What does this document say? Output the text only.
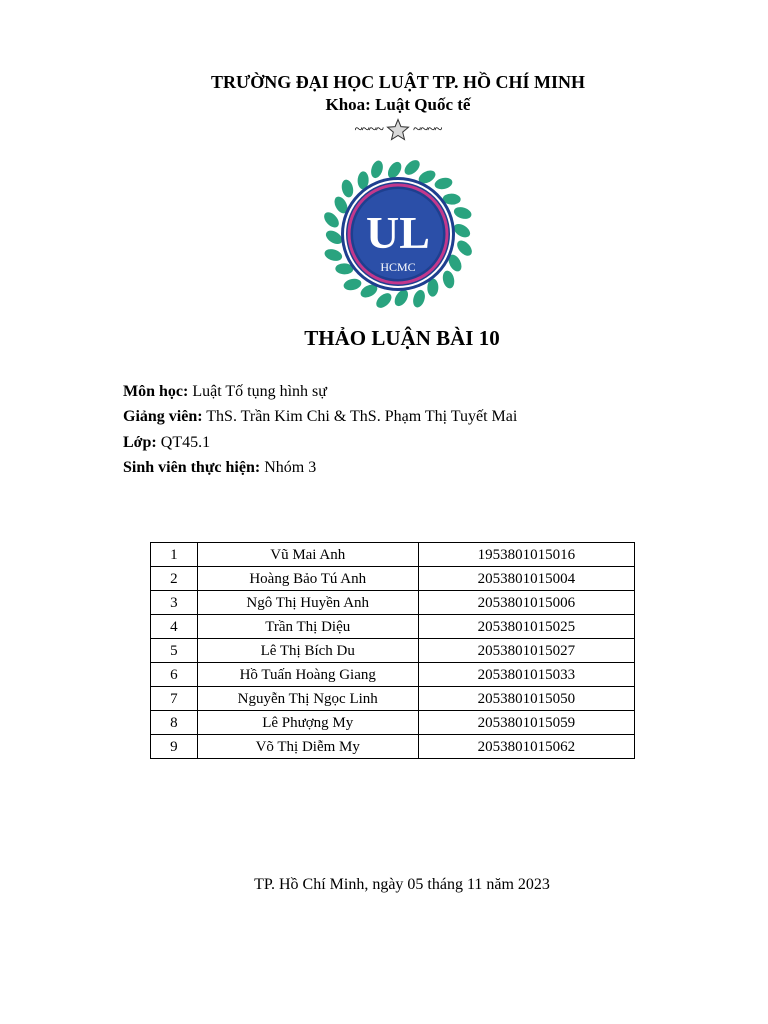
TRƯỜNG ĐẠI HỌC LUẬT TP. HỒ CHÍ MINH
Khoa: Luật Quốc tế
~~~~ ~~~~
UL
HCMC
THẢO LUẬN BÀI 10
Môn học: Luật Tố tụng hình sự
Giảng viên: ThS. Trần Kim Chi & ThS. Phạm Thị Tuyết Mai
Lớp: QT45.1
Sinh viên thực hiện: Nhóm 3
1	Vũ Mai Anh	1953801015016
2	Hoàng Bảo Tú Anh	2053801015004
3	Ngô Thị Huyền Anh	2053801015006
4	Trần Thị Diệu	2053801015025
5	Lê Thị Bích Du	2053801015027
6	Hồ Tuấn Hoàng Giang	2053801015033
7	Nguyễn Thị Ngọc Linh	2053801015050
8	Lê Phượng My	2053801015059
9	Võ Thị Diễm My	2053801015062
TP. Hồ Chí Minh, ngày 05 tháng 11 năm 2023
